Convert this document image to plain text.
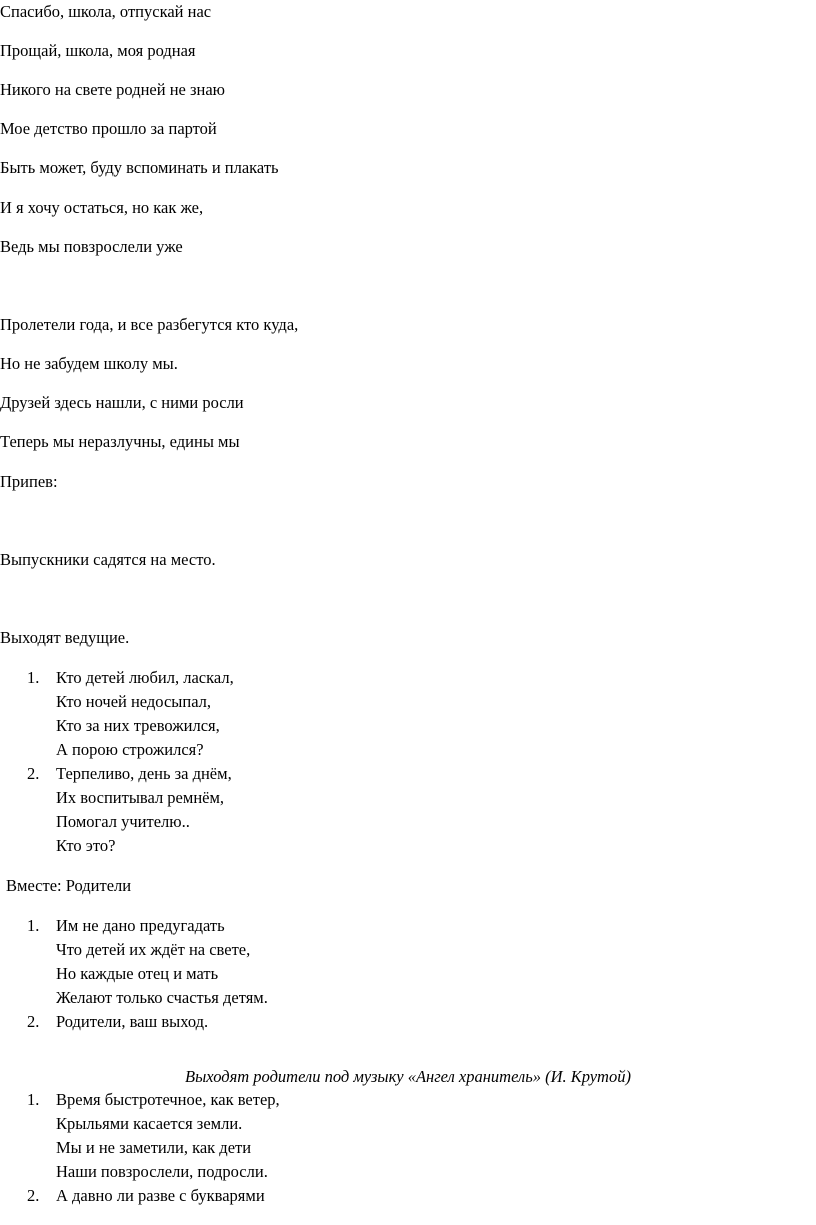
Спасибо, школа, отпускай нас

Прощай, школа, моя родная

Никого на свете родней не знаю

Мое детство прошло за партой

Быть может, буду вспоминать и плакать

И я хочу остаться, но как же,

Ведь мы повзрослели уже

Пролетели года, и все разбегутся кто куда,

Но не забудем школу мы.

Друзей здесь нашли, с ними росли

Теперь мы неразлучны, едины мы

Припев:

Выпускники садятся на место.

Выходят ведущие.

1. Кто детей любил, ласкал,
Кто ночей недосыпал,
Кто за них тревожился,
А порою строжился?
2. Терпеливо, день за днём,
Их воспитывал ремнём,
Помогал учителю..
Кто это?

Вместе: Родители

1. Им не дано предугадать
Что детей их ждёт на свете,
Но каждые отец и мать
Желают только счастья детям.
2. Родители, ваш выход.

Выходят родители под музыку «Ангел хранитель» (И. Крутой)

1. Время быстротечное, как ветер,
Крыльями касается земли.
Мы и не заметили, как дети
Наши повзрослели, подросли.
2. А давно ли разве с букварями
